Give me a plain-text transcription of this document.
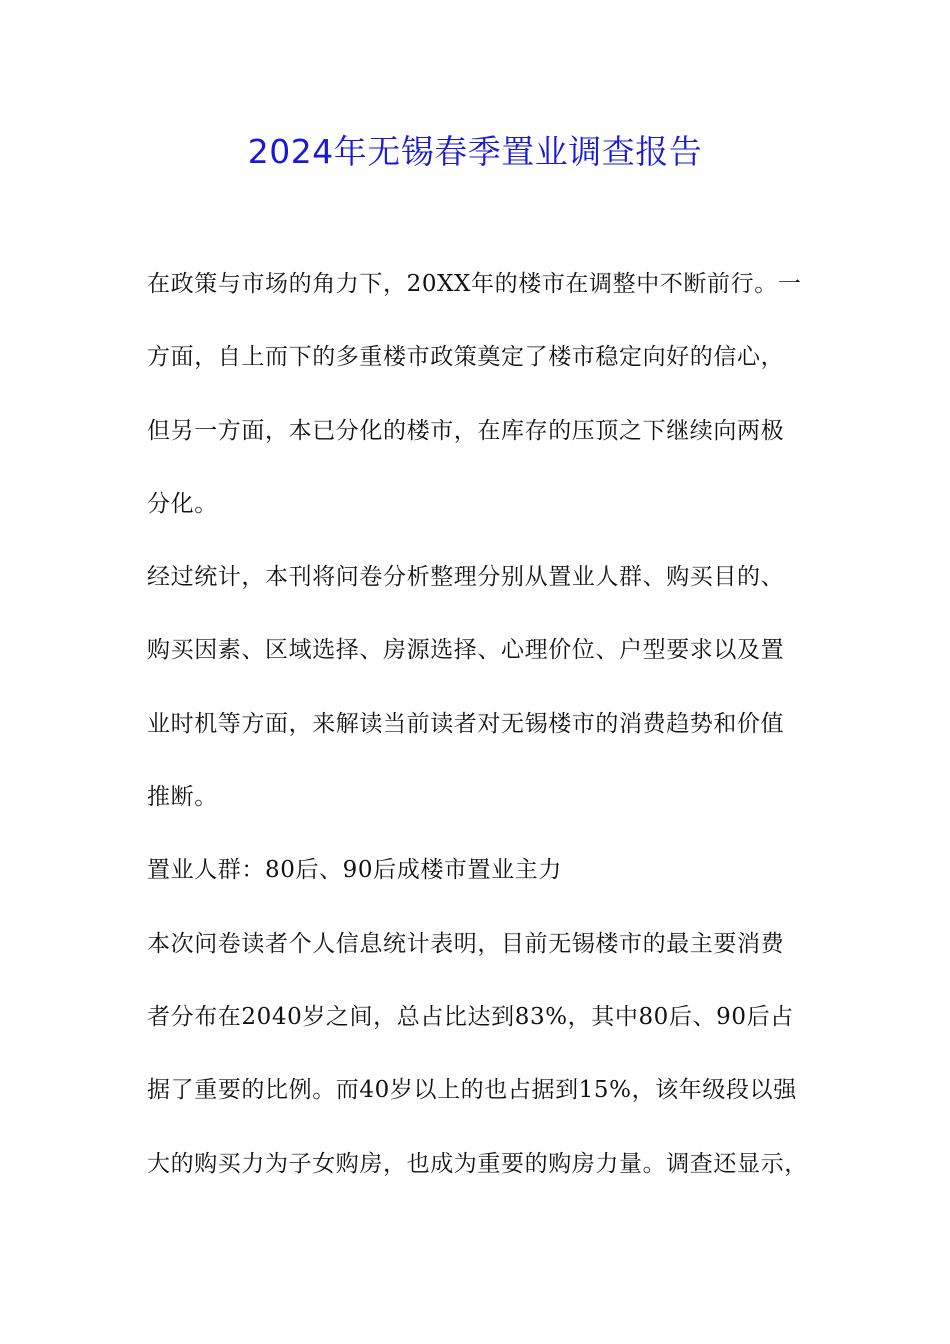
2024年无锡春季置业调查报告
在政策与市场的角力下，20XX年的楼市在调整中不断前行。一
方面，自上而下的多重楼市政策奠定了楼市稳定向好的信心，
但另一方面，本已分化的楼市，在库存的压顶之下继续向两极
分化。
经过统计，本刊将问卷分析整理分别从置业人群、购买目的、
购买因素、区域选择、房源选择、心理价位、户型要求以及置
业时机等方面，来解读当前读者对无锡楼市的消费趋势和价值
推断。
置业人群：80后、90后成楼市置业主力
本次问卷读者个人信息统计表明，目前无锡楼市的最主要消费
者分布在2040岁之间，总占比达到83%，其中80后、90后占
据了重要的比例。而40岁以上的也占据到15%，该年级段以强
大的购买力为子女购房，也成为重要的购房力量。调查还显示，
